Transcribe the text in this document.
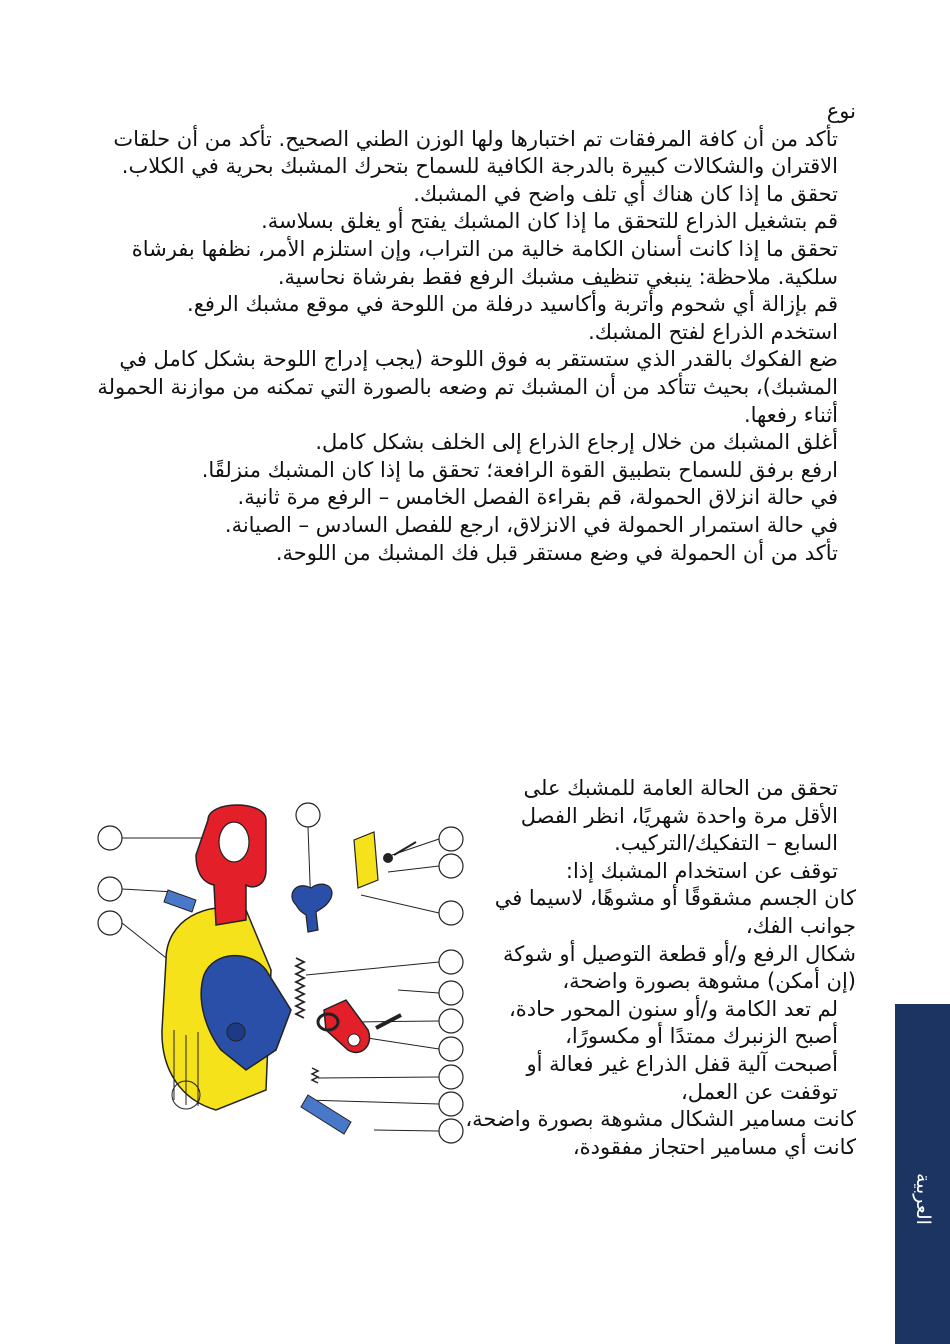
نوع

تأكد من أن كافة المرفقات تم اختبارها ولها الوزن الطني الصحيح. تأكد من أن حلقات الاقتران والشكالات كبيرة بالدرجة الكافية للسماح بتحرك المشبك بحرية في الكلاب.

تحقق ما إذا كان هناك أي تلف واضح في المشبك.

قم بتشغيل الذراع للتحقق ما إذا كان المشبك يفتح أو يغلق بسلاسة.

تحقق ما إذا كانت أسنان الكامة خالية من التراب، وإن استلزم الأمر، نظفها بفرشاة سلكية. ملاحظة: ينبغي تنظيف مشبك الرفع فقط بفرشاة نحاسية.

قم بإزالة أي شحوم وأتربة وأكاسيد درفلة من اللوحة في موقع مشبك الرفع.

استخدم الذراع لفتح المشبك.

ضع الفكوك بالقدر الذي ستستقر به فوق اللوحة (يجب إدراج اللوحة بشكل كامل في المشبك)، بحيث تتأكد من أن المشبك تم وضعه بالصورة التي تمكنه من موازنة الحمولة أثناء رفعها.

أغلق المشبك من خلال إرجاع الذراع إلى الخلف بشكل كامل.

ارفع برفق للسماح بتطبيق القوة الرافعة؛ تحقق ما إذا كان المشبك منزلقًا.

في حالة انزلاق الحمولة، قم بقراءة الفصل الخامس – الرفع مرة ثانية.

في حالة استمرار الحمولة في الانزلاق، ارجع للفصل السادس – الصيانة.

تأكد من أن الحمولة في وضع مستقر قبل فك المشبك من اللوحة.

تحقق من الحالة العامة للمشبك على الأقل مرة واحدة شهريًا، انظر الفصل السابع – التفكيك/التركيب.

توقف عن استخدام المشبك إذا:

كان الجسم مشقوقًا أو مشوهًا، لاسيما في جوانب الفك،

شكال الرفع و/أو قطعة التوصيل أو شوكة (إن أمكن) مشوهة بصورة واضحة،

لم تعد الكامة و/أو سنون المحور حادة،

أصبح الزنبرك ممتدًا أو مكسورًا،

أصبحت آلية قفل الذراع غير فعالة أو توقفت عن العمل،

كانت مسامير الشكال مشوهة بصورة واضحة،

كانت أي مسامير احتجاز مفقودة،

العربية
